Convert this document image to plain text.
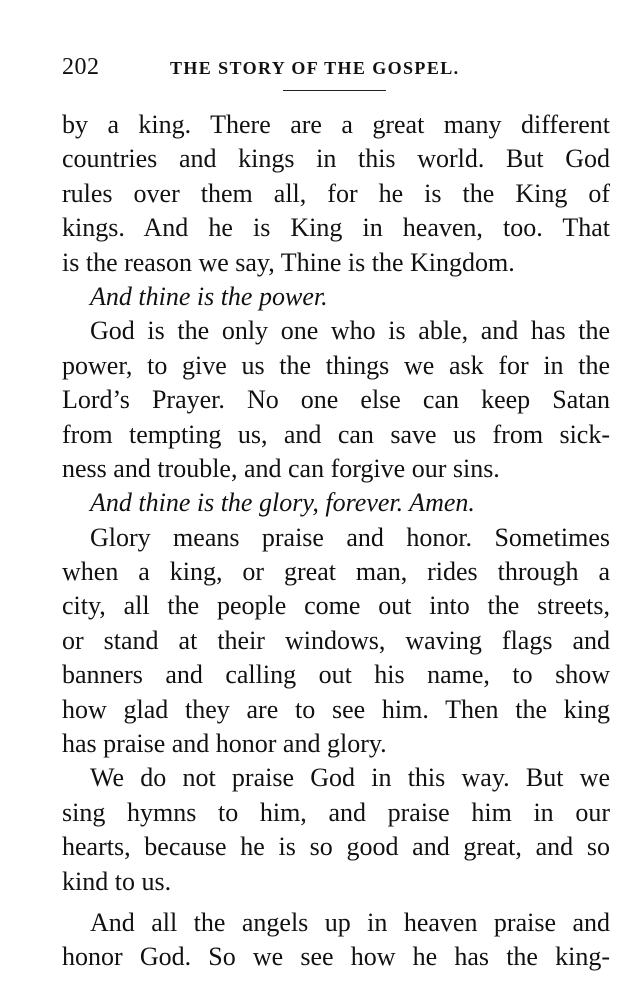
202	THE STORY OF THE GOSPEL.
by a king. There are a great many different
countries and kings in this world. But God
rules over them all, for he is the King of
kings. And he is King in heaven, too. That
is the reason we say, Thine is the Kingdom.
And thine is the power.
God is the only one who is able, and has the
power, to give us the things we ask for in the
Lord’s Prayer. No one else can keep Satan
from tempting us, and can save us from sick-
ness and trouble, and can forgive our sins.
And thine is the glory, forever. Amen.
Glory means praise and honor. Sometimes
when a king, or great man, rides through a
city, all the people come out into the streets,
or stand at their windows, waving flags and
banners and calling out his name, to show
how glad they are to see him. Then the king
has praise and honor and glory.
We do not praise God in this way. But we
sing hymns to him, and praise him in our
hearts, because he is so good and great, and so
kind to us.
And all the angels up in heaven praise and
honor God. So we see how he has the king-
